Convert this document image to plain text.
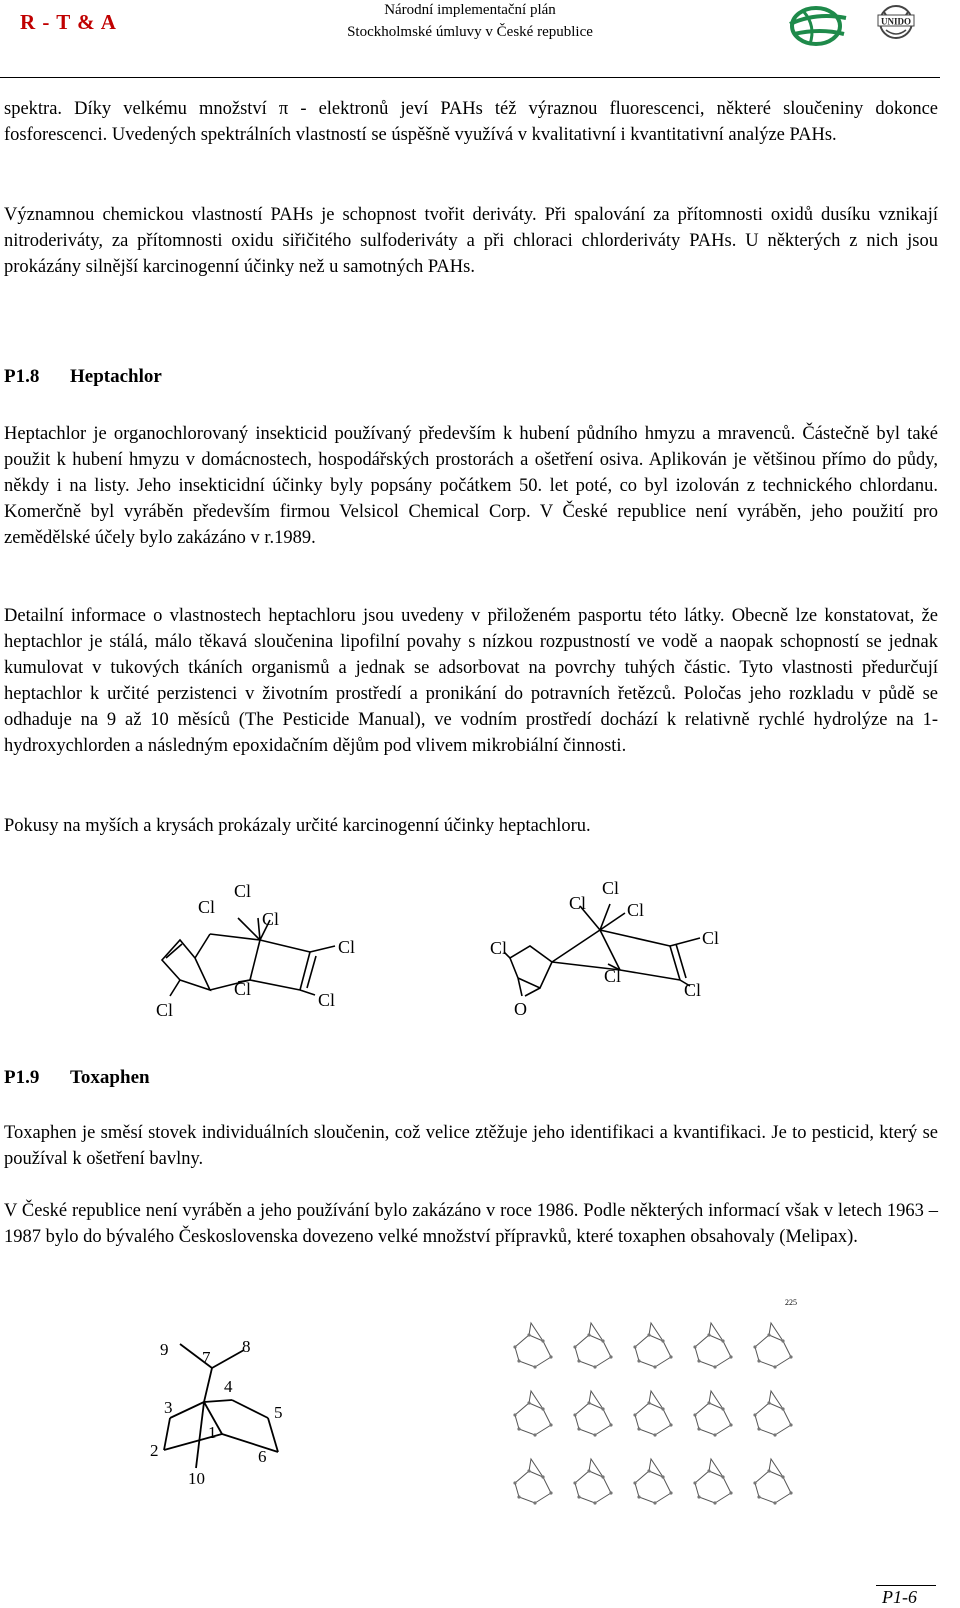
R - T & A	Národní implementační plán
Stockholmské úmluvy v České republice
UNIDO
spektra. Díky velkému množství π - elektronů jeví PAHs též výraznou fluorescenci, některé sloučeniny dokonce fosforescenci. Uvedených spektrálních vlastností se úspěšně využívá v kvalitativní i kvantitativní analýze PAHs.
Významnou chemickou vlastností PAHs je schopnost tvořit deriváty. Při spalování za přítomnosti oxidů dusíku vznikají nitroderiváty, za přítomnosti oxidu siřičitého sulfoderiváty a při chloraci chlorderiváty PAHs. U některých z nich jsou prokázány silnější karcinogenní účinky než u samotných PAHs.
P1.8 Heptachlor
Heptachlor je organochlorovaný insekticid používaný především k hubení půdního hmyzu a mravenců. Částečně byl také použit k hubení hmyzu v domácnostech, hospodářských prostorách a ošetření osiva. Aplikován je většinou přímo do půdy, někdy i na listy. Jeho insekticidní účinky byly popsány počátkem 50. let poté, co byl izolován z technického chlordanu. Komerčně byl vyráběn především firmou Velsicol Chemical Corp. V České republice není vyráběn, jeho použití pro zemědělské účely bylo zakázáno v r.1989.
Detailní informace o vlastnostech heptachloru jsou uvedeny v přiloženém pasportu této látky. Obecně lze konstatovat, že heptachlor je stálá, málo těkavá sloučenina lipofilní povahy s nízkou rozpustností ve vodě a naopak schopností se jednak kumulovat v tukových tkáních organismů a jednak se adsorbovat na povrchy tuhých částic. Tyto vlastnosti předurčují heptachlor k určité perzistenci v životním prostředí a pronikání do potravních řetězců. Poločas jeho rozkladu v půdě se odhaduje na 9 až 10 měsíců (The Pesticide Manual), ve vodním prostředí dochází k relativně rychlé hydrolýze na 1-hydroxychlorden a následným epoxidačním dějům pod vlivem mikrobiální činnosti.
Pokusy na myších a krysách prokázaly určité karcinogenní účinky heptachloru.
Cl
Cl
Cl
Cl
Cl
Cl
Cl
Cl
Cl Cl
Cl
Cl
Cl
Cl
O
P1.9 Toxaphen
Toxaphen je směsí stovek individuálních sloučenin, což velice ztěžuje jeho identifikaci a kvantifikaci. Je to pesticid, který se používal k ošetření bavlny.
V České republice není vyráběn a jeho používání bylo zakázáno v roce 1986. Podle některých informací však v letech 1963 – 1987 bylo do bývalého Československa dovezeno velké množství přípravků, které toxaphen obsahovaly (Melipax).
1
2
3
4
5
6
7
8
9
10
225
P1-6
